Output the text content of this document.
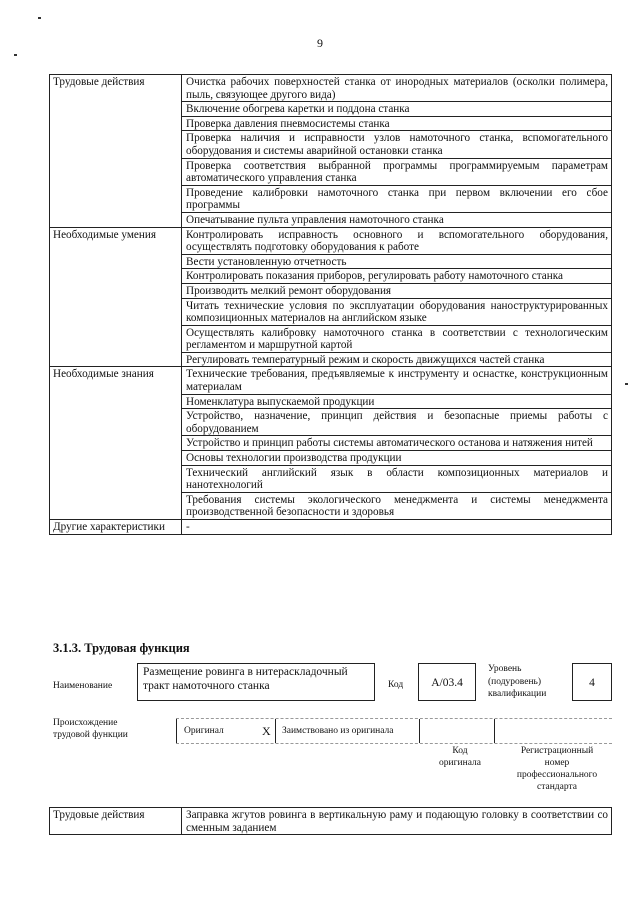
9
Трудовые действия	Очистка рабочих поверхностей станка от инородных материалов (осколки полимера, пыль, связующее другого вида)
	Включение обогрева каретки и поддона станка
	Проверка давления пневмосистемы станка
	Проверка наличия и исправности узлов намоточного станка, вспомогательного оборудования и системы аварийной остановки станка
	Проверка соответствия выбранной программы программируемым параметрам автоматического управления станка
	Проведение калибровки намоточного станка при первом включении его сбое программы
	Опечатывание пульта управления намоточного станка
Необходимые умения	Контролировать исправность основного и вспомогательного оборудования, осуществлять подготовку оборудования к работе
	Вести установленную отчетность
	Контролировать показания приборов, регулировать работу намоточного станка
	Производить мелкий ремонт оборудования
	Читать технические условия по эксплуатации оборудования наноструктурированных композиционных материалов на английском языке
	Осуществлять калибровку намоточного станка в соответствии с технологическим регламентом и маршрутной картой
	Регулировать температурный режим и скорость движущихся частей станка
Необходимые знания	Технические требования, предъявляемые к инструменту и оснастке, конструкционным материалам
	Номенклатура выпускаемой продукции
	Устройство, назначение, принцип действия и безопасные приемы работы с оборудованием
	Устройство и принцип работы системы автоматического останова и натяжения нитей
	Основы технологии производства продукции
	Технический английский язык в области композиционных материалов и нанотехнологий
	Требования системы экологического менеджмента и системы менеджмента производственной безопасности и здоровья
Другие характеристики	-
3.1.3. Трудовая функция
Наименование
Размещение ровинга в нитераскладочный тракт намоточного станка	Код	A/03.4
Уровень
(подуровень)
квалификации
4
Происхождение
трудовой функции	Оригинал	X Заимствовано из оригинала
Код
оригинала
Регистрационный
номер
профессионального
стандарта
Трудовые действия	Заправка жгутов ровинга в вертикальную раму и подающую головку в соответствии со сменным заданием
